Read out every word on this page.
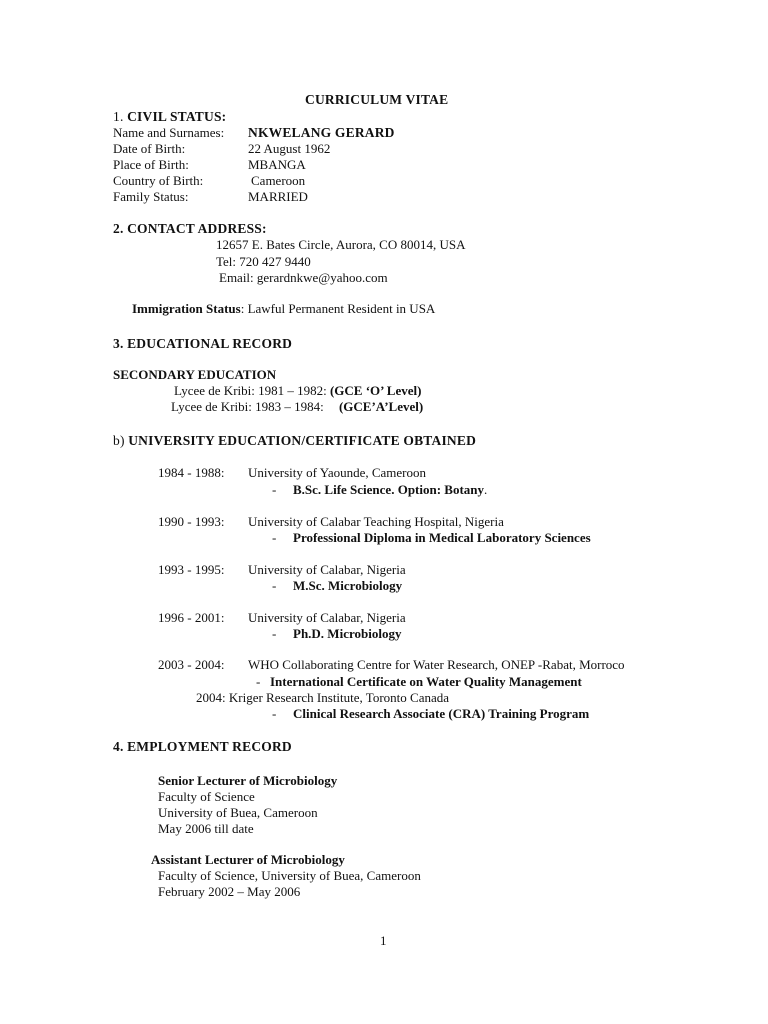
CURRICULUM VITAE
1. CIVIL STATUS:
Name and Surnames: NKWELANG GERARD
Date of Birth:	22 August 1962
Place of Birth:	MBANGA
Country of Birth:	Cameroon
Family Status:	MARRIED
2. CONTACT ADDRESS:
12657 E. Bates Circle, Aurora, CO 80014, USA
Tel: 720 427 9440
Email: gerardnkwe@yahoo.com
Immigration Status: Lawful Permanent Resident in USA
3. EDUCATIONAL RECORD
SECONDARY EDUCATION
Lycee de Kribi: 1981 – 1982: (GCE ‘O’ Level)
Lycee de Kribi: 1983 – 1984: (GCE’A’Level)
b) UNIVERSITY EDUCATION/CERTIFICATE OBTAINED
1984 - 1988: University of Yaounde, Cameroon
- B.Sc. Life Science. Option: Botany.
1990 - 1993: University of Calabar Teaching Hospital, Nigeria
- Professional Diploma in Medical Laboratory Sciences
1993 - 1995: University of Calabar, Nigeria
- M.Sc. Microbiology
1996 - 2001: University of Calabar, Nigeria
- Ph.D. Microbiology
2003 - 2004: WHO Collaborating Centre for Water Research, ONEP -Rabat, Morroco
- International Certificate on Water Quality Management
2004: Kriger Research Institute, Toronto Canada
- Clinical Research Associate (CRA) Training Program
4. EMPLOYMENT RECORD
Senior Lecturer of Microbiology
Faculty of Science
University of Buea, Cameroon
May 2006 till date
Assistant Lecturer of Microbiology
Faculty of Science, University of Buea, Cameroon
February 2002 – May 2006
1
